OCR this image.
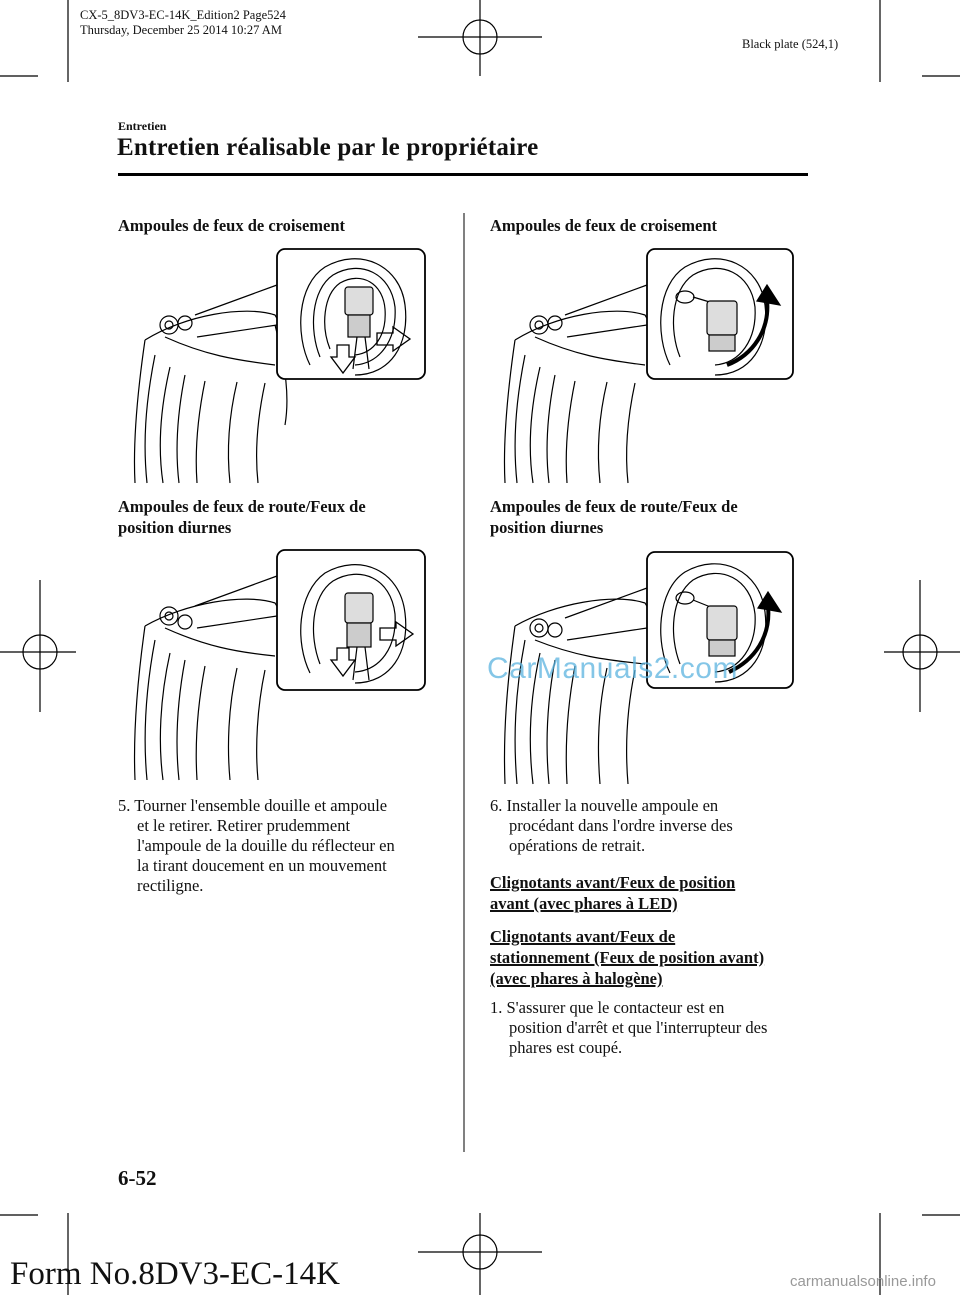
CX-5_8DV3-EC-14K_Edition2 Page524
Thursday, December 25 2014 10:27 AM
Black plate (524,1)
Entretien
Entretien réalisable par le propriétaire
Ampoules de feux de croisement
Ampoules de feux de route/Feux de
position diurnes
5. Tourner l'ensemble douille et ampoule
et le retirer. Retirer prudemment
l'ampoule de la douille du réflecteur en
la tirant doucement en un mouvement
rectiligne.
Ampoules de feux de croisement
Ampoules de feux de route/Feux de
position diurnes
CarManuals2.com
6. Installer la nouvelle ampoule en
procédant dans l'ordre inverse des
opérations de retrait.
Clignotants avant/Feux de position
avant (avec phares à LED)
Clignotants avant/Feux de
stationnement (Feux de position avant)
(avec phares à halogène)
1. S'assurer que le contacteur est en
position d'arrêt et que l'interrupteur des
phares est coupé.
6-52
Form No.8DV3-EC-14K	carmanualsonline.info
